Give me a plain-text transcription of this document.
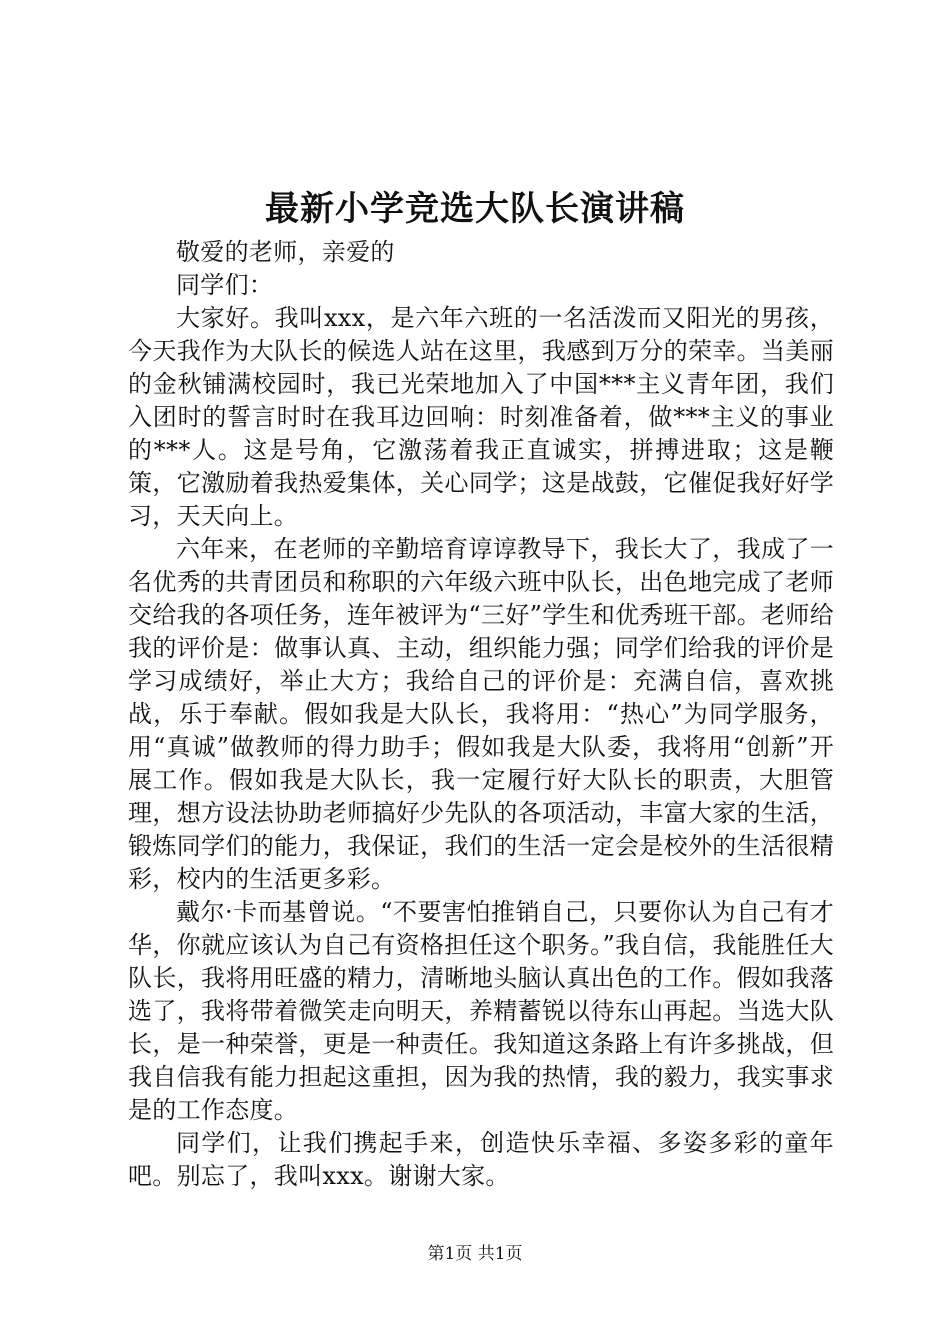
最新小学竞选大队长演讲稿

敬爱的老师，亲爱的

同学们：

大家好。我叫xxx，是六年六班的一名活泼而又阳光的男孩，今天我作为大队长的候选人站在这里，我感到万分的荣幸。当美丽的金秋铺满校园时，我已光荣地加入了中国***主义青年团，我们入团时的誓言时时在我耳边回响：时刻准备着，做***主义的事业的***人。这是号角，它激荡着我正直诚实，拼搏进取；这是鞭策，它激励着我热爱集体，关心同学；这是战鼓，它催促我好好学习，天天向上。

六年来，在老师的辛勤培育谆谆教导下，我长大了，我成了一名优秀的共青团员和称职的六年级六班中队长，出色地完成了老师交给我的各项任务，连年被评为“三好”学生和优秀班干部。老师给我的评价是：做事认真、主动，组织能力强；同学们给我的评价是学习成绩好，举止大方；我给自己的评价是：充满自信，喜欢挑战，乐于奉献。假如我是大队长，我将用：“热心”为同学服务，用“真诚”做教师的得力助手；假如我是大队委，我将用“创新”开展工作。假如我是大队长，我一定履行好大队长的职责，大胆管理，想方设法协助老师搞好少先队的各项活动，丰富大家的生活，锻炼同学们的能力，我保证，我们的生活一定会是校外的生活很精彩，校内的生活更多彩。

戴尔·卡而基曾说。“不要害怕推销自己，只要你认为自己有才华，你就应该认为自己有资格担任这个职务。”我自信，我能胜任大队长，我将用旺盛的精力，清晰地头脑认真出色的工作。假如我落选了，我将带着微笑走向明天，养精蓄锐以待东山再起。当选大队长，是一种荣誉，更是一种责任。我知道这条路上有许多挑战，但我自信我有能力担起这重担，因为我的热情，我的毅力，我实事求是的工作态度。

同学们，让我们携起手来，创造快乐幸福、多姿多彩的童年吧。别忘了，我叫xxx。谢谢大家。

第1页 共1页
